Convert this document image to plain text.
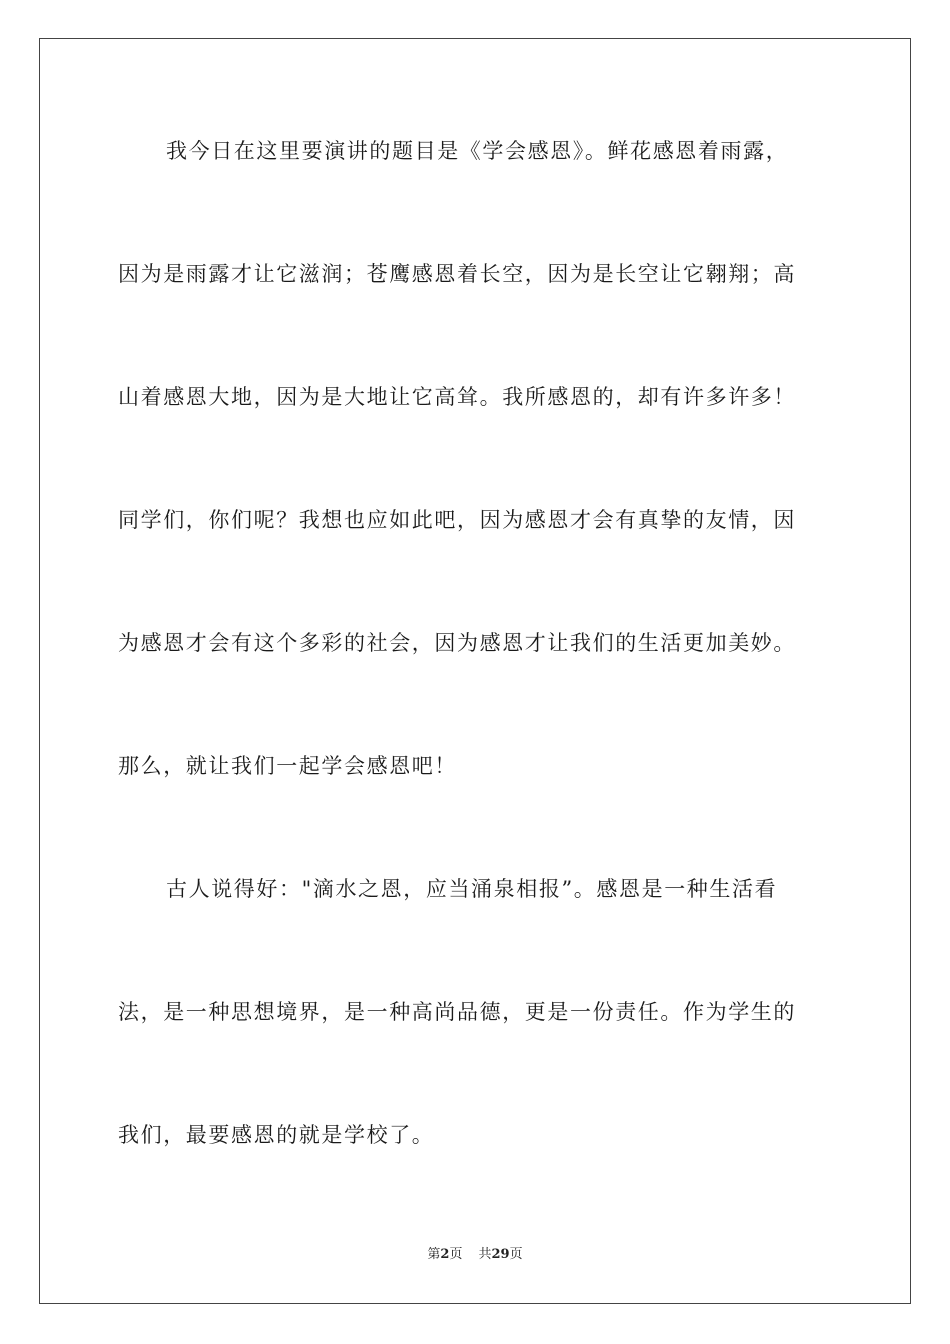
我今日在这里要演讲的题目是《学会感恩》。鲜花感恩着雨露，
因为是雨露才让它滋润；苍鹰感恩着长空，因为是长空让它翱翔；高
山着感恩大地，因为是大地让它高耸。我所感恩的，却有许多许多！
同学们，你们呢？我想也应如此吧，因为感恩才会有真挚的友情，因
为感恩才会有这个多彩的社会，因为感恩才让我们的生活更加美妙。
那么，就让我们一起学会感恩吧！
古人说得好："滴水之恩，应当涌泉相报”。感恩是一种生活看
法，是一种思想境界，是一种高尚品德，更是一份责任。作为学生的
我们，最要感恩的就是学校了。
第2页 共29页
